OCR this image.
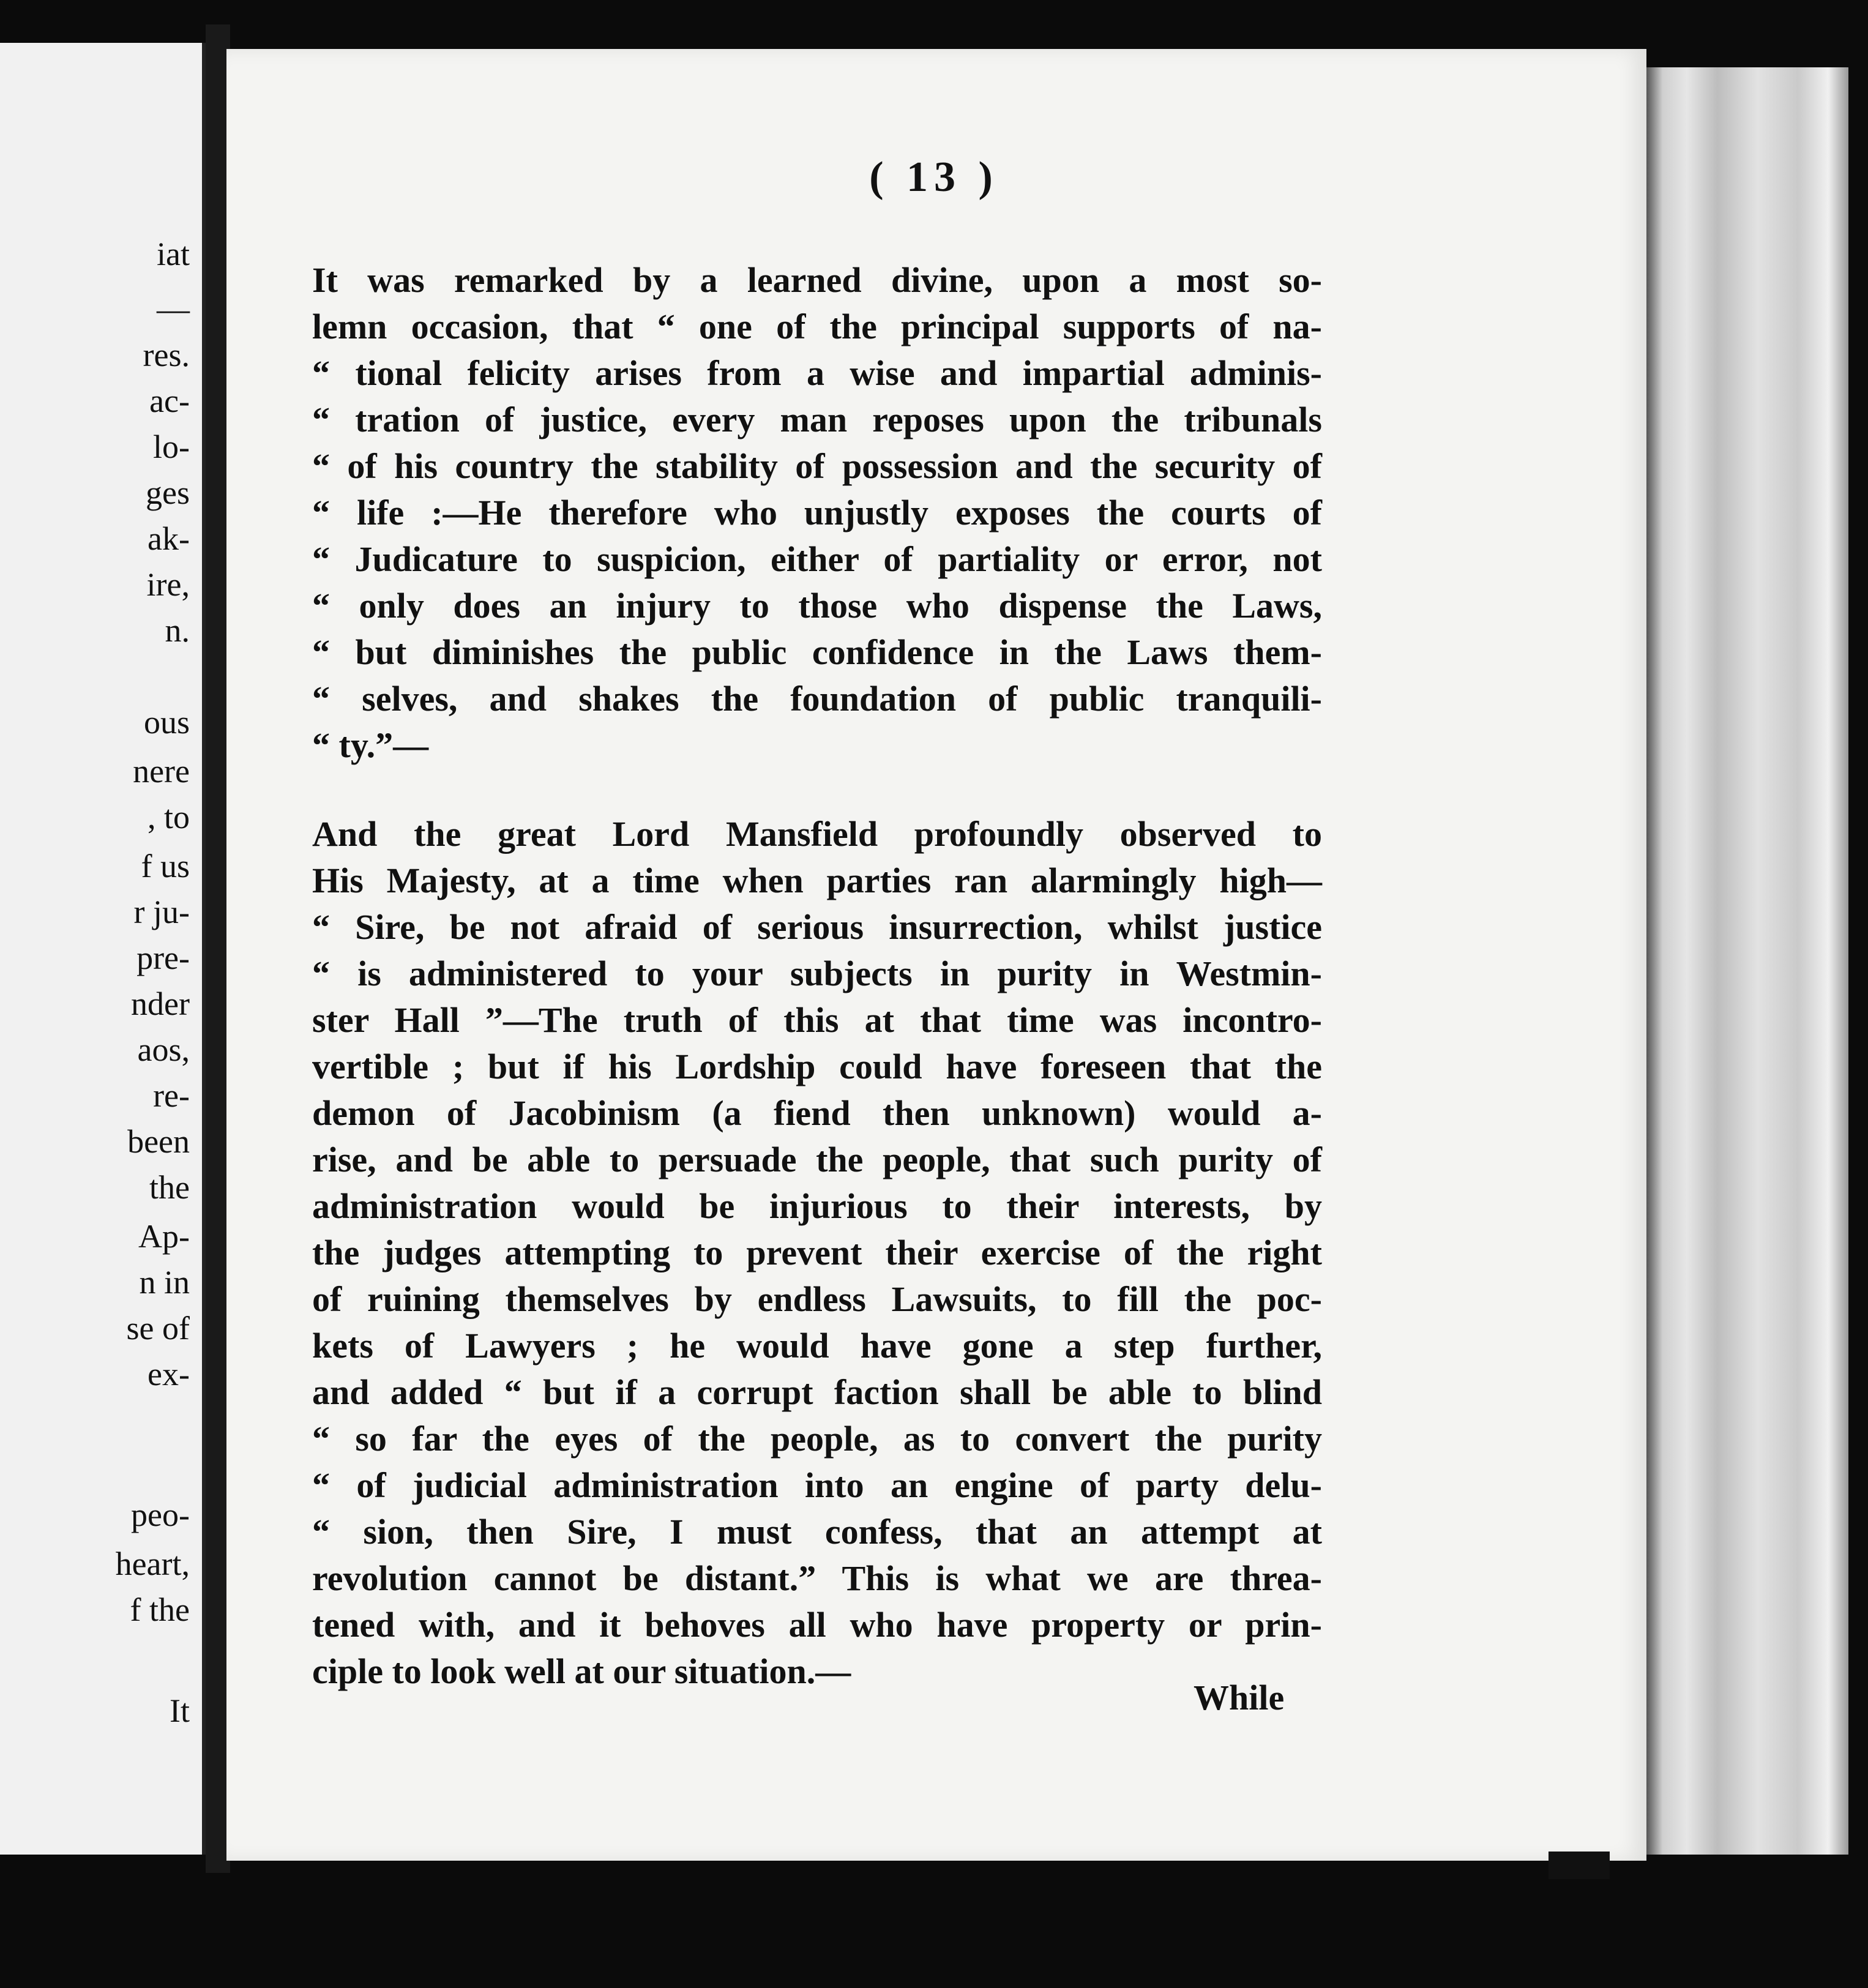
iat
—
res.
ac-
lo-
ges
ak-
ire,
n.
ous
nere
, to
f us
r ju-
pre-
nder
aos,
re-
been
the
Ap-
n in
se of
ex-
peo-
heart,
f the
It
( 13 )
It was remarked by a learned divine, upon a most so-
lemn occasion, that “ one of the principal supports of na-
“ tional felicity arises from a wise and impartial adminis-
“ tration of justice, every man reposes upon the tribunals
“ of his country the stability of possession and the security of
“ life :—He therefore who unjustly exposes the courts of
“ Judicature to suspicion, either of partiality or error, not
“ only does an injury to those who dispense the Laws,
“ but diminishes the public confidence in the Laws them-
“ selves, and shakes the foundation of public tranquili-
“ ty.”—
And the great Lord Mansfield profoundly observed to
His Majesty, at a time when parties ran alarmingly high—
“ Sire, be not afraid of serious insurrection, whilst justice
“ is administered to your subjects in purity in Westmin-
ster Hall ”—The truth of this at that time was incontro-
vertible ; but if his Lordship could have foreseen that the
demon of Jacobinism (a fiend then unknown) would a-
rise, and be able to persuade the people, that such purity of
administration would be injurious to their interests, by
the judges attempting to prevent their exercise of the right
of ruining themselves by endless Lawsuits, to fill the poc-
kets of Lawyers ; he would have gone a step further,
and added “ but if a corrupt faction shall be able to blind
“ so far the eyes of the people, as to convert the purity
“ of judicial administration into an engine of party delu-
“ sion, then Sire, I must confess, that an attempt at
revolution cannot be distant.” This is what we are threa-
tened with, and it behoves all who have property or prin-
ciple to look well at our situation.—
While
